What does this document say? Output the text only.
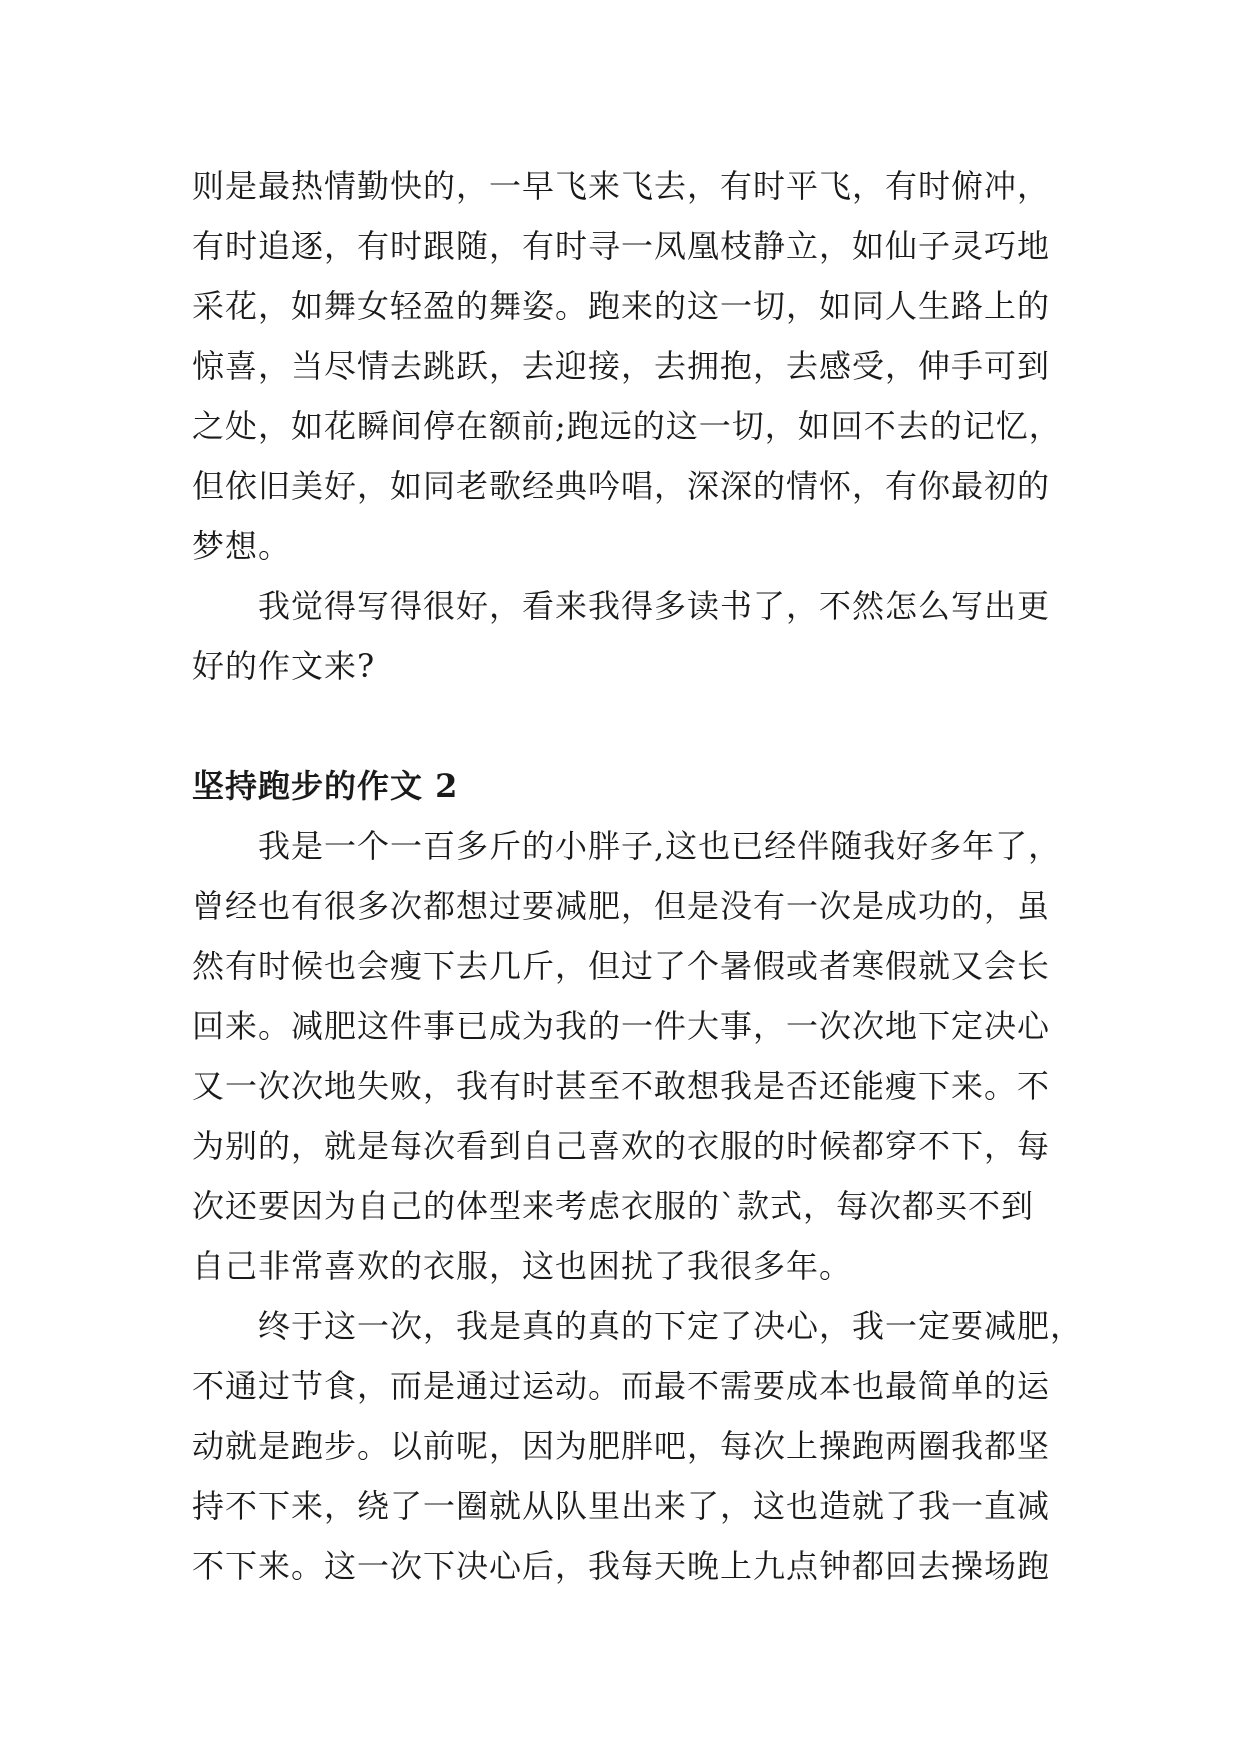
则是最热情勤快的，一早飞来飞去，有时平飞，有时俯冲，

有时追逐，有时跟随，有时寻一凤凰枝静立，如仙子灵巧地

采花，如舞女轻盈的舞姿。跑来的这一切，如同人生路上的

惊喜，当尽情去跳跃，去迎接，去拥抱，去感受，伸手可到

之处，如花瞬间停在额前;跑远的这一切，如回不去的记忆，

但依旧美好，如同老歌经典吟唱，深深的情怀，有你最初的

梦想。

我觉得写得很好，看来我得多读书了，不然怎么写出更

好的作文来?

坚持跑步的作文 2

我是一个一百多斤的小胖子,这也已经伴随我好多年了，

曾经也有很多次都想过要减肥，但是没有一次是成功的，虽

然有时候也会瘦下去几斤，但过了个暑假或者寒假就又会长

回来。减肥这件事已成为我的一件大事，一次次地下定决心

又一次次地失败，我有时甚至不敢想我是否还能瘦下来。不

为别的，就是每次看到自己喜欢的衣服的时候都穿不下，每

次还要因为自己的体型来考虑衣服的`款式，每次都买不到

自己非常喜欢的衣服，这也困扰了我很多年。

终于这一次，我是真的真的下定了决心，我一定要减肥，

不通过节食，而是通过运动。而最不需要成本也最简单的运

动就是跑步。以前呢，因为肥胖吧，每次上操跑两圈我都坚

持不下来，绕了一圈就从队里出来了，这也造就了我一直减

不下来。这一次下决心后，我每天晚上九点钟都回去操场跑
